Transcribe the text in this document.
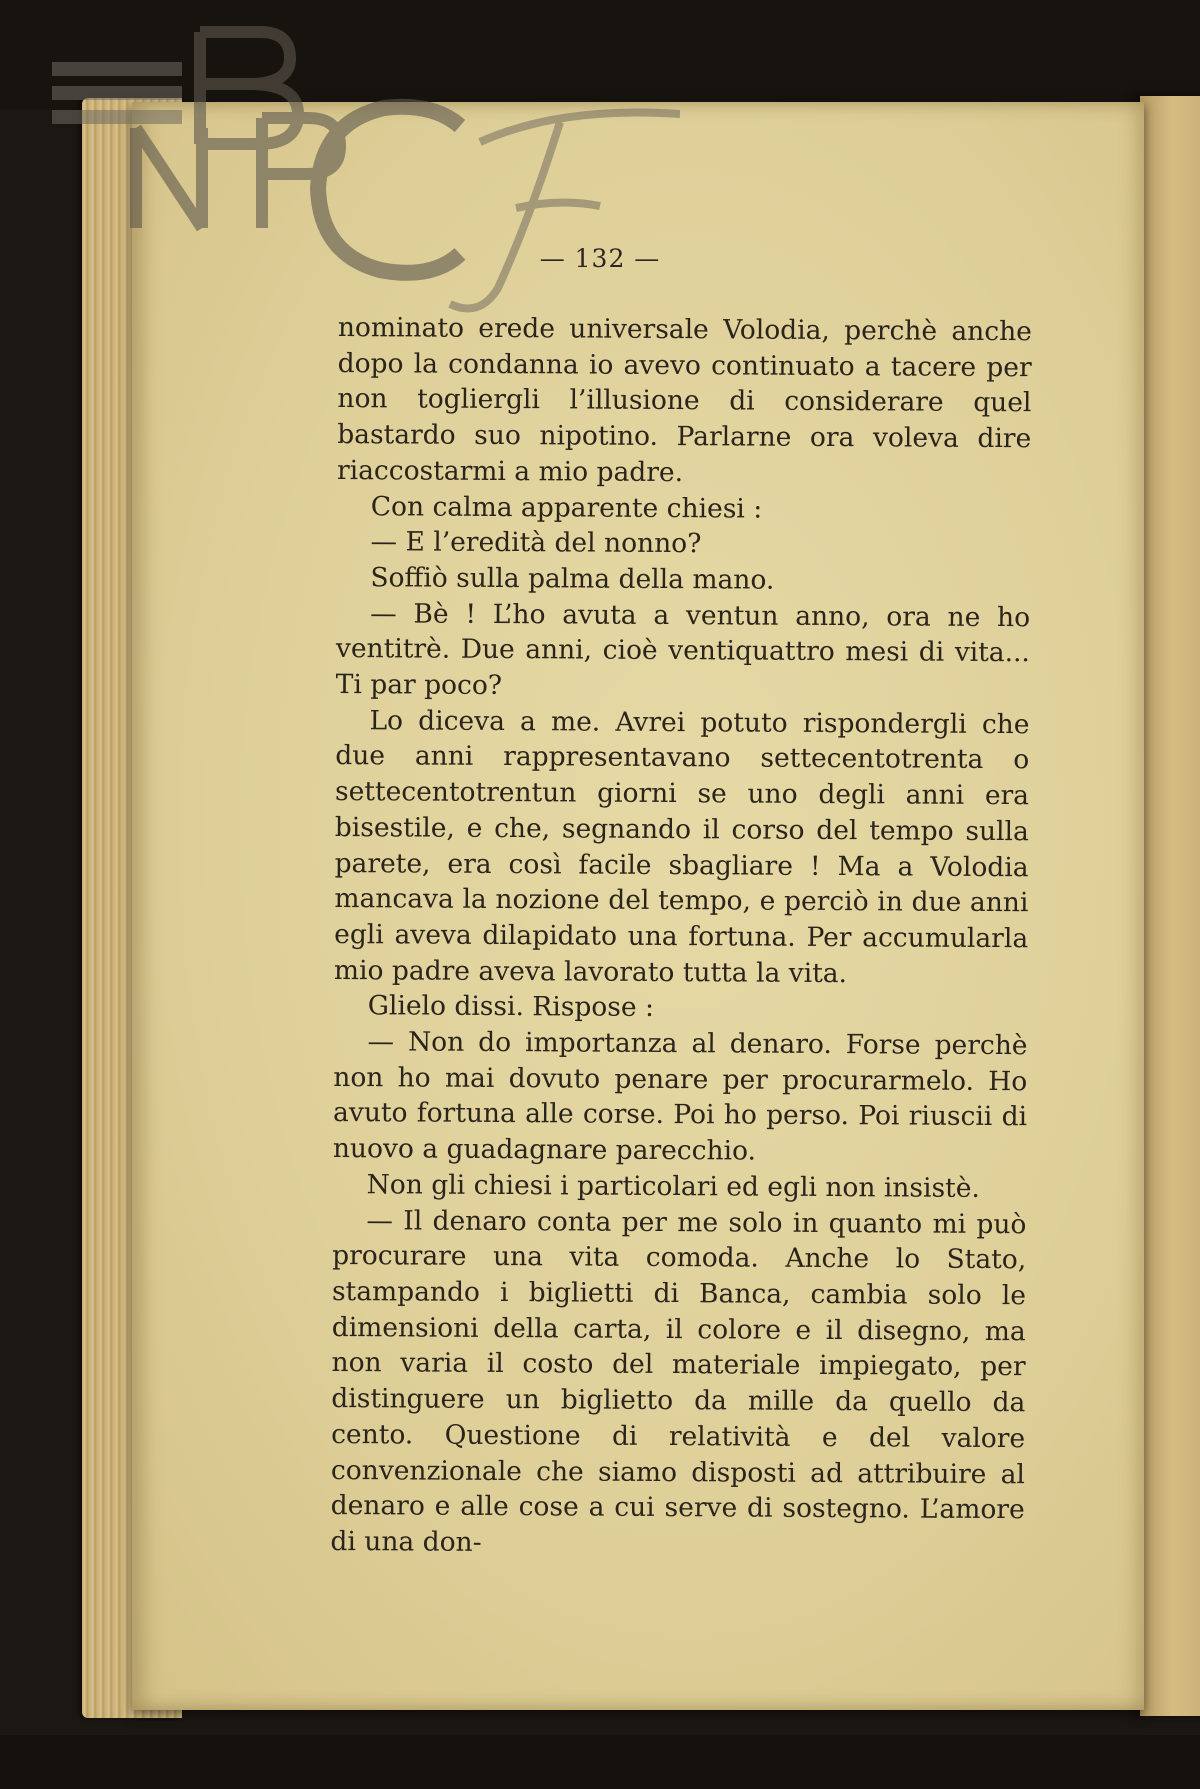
— 132 —

nominato erede universale Volodia, perchè anche dopo la condanna io avevo continuato a tacere per non togliergli l’illusione di considerare quel bastardo suo nipotino. Parlarne ora voleva dire riaccostarmi a mio padre.

Con calma apparente chiesi :

— E l’eredità del nonno?

Soffiò sulla palma della mano.

— Bè ! L’ho avuta a ventun anno, ora ne ho ventitrè. Due anni, cioè ventiquattro mesi di vita... Ti par poco?

Lo diceva a me. Avrei potuto rispondergli che due anni rappresentavano settecentotrenta o settecentotrentun giorni se uno degli anni era bisestile, e che, segnando il corso del tempo sulla parete, era così facile sbagliare ! Ma a Volodia mancava la nozione del tempo, e perciò in due anni egli aveva dilapidato una fortuna. Per accumularla mio padre aveva lavorato tutta la vita.

Glielo dissi. Rispose :

— Non do importanza al denaro. Forse perchè non ho mai dovuto penare per procurarmelo. Ho avuto fortuna alle corse. Poi ho perso. Poi riuscii di nuovo a guadagnare parecchio.

Non gli chiesi i particolari ed egli non insistè.

— Il denaro conta per me solo in quanto mi può procurare una vita comoda. Anche lo Stato, stampando i biglietti di Banca, cambia solo le dimensioni della carta, il colore e il disegno, ma non varia il costo del materiale impiegato, per distinguere un biglietto da mille da quello da cento. Questione di relatività e del valore convenzionale che siamo disposti ad attribuire al denaro e alle cose a cui serve di sostegno. L’amore di una don-
